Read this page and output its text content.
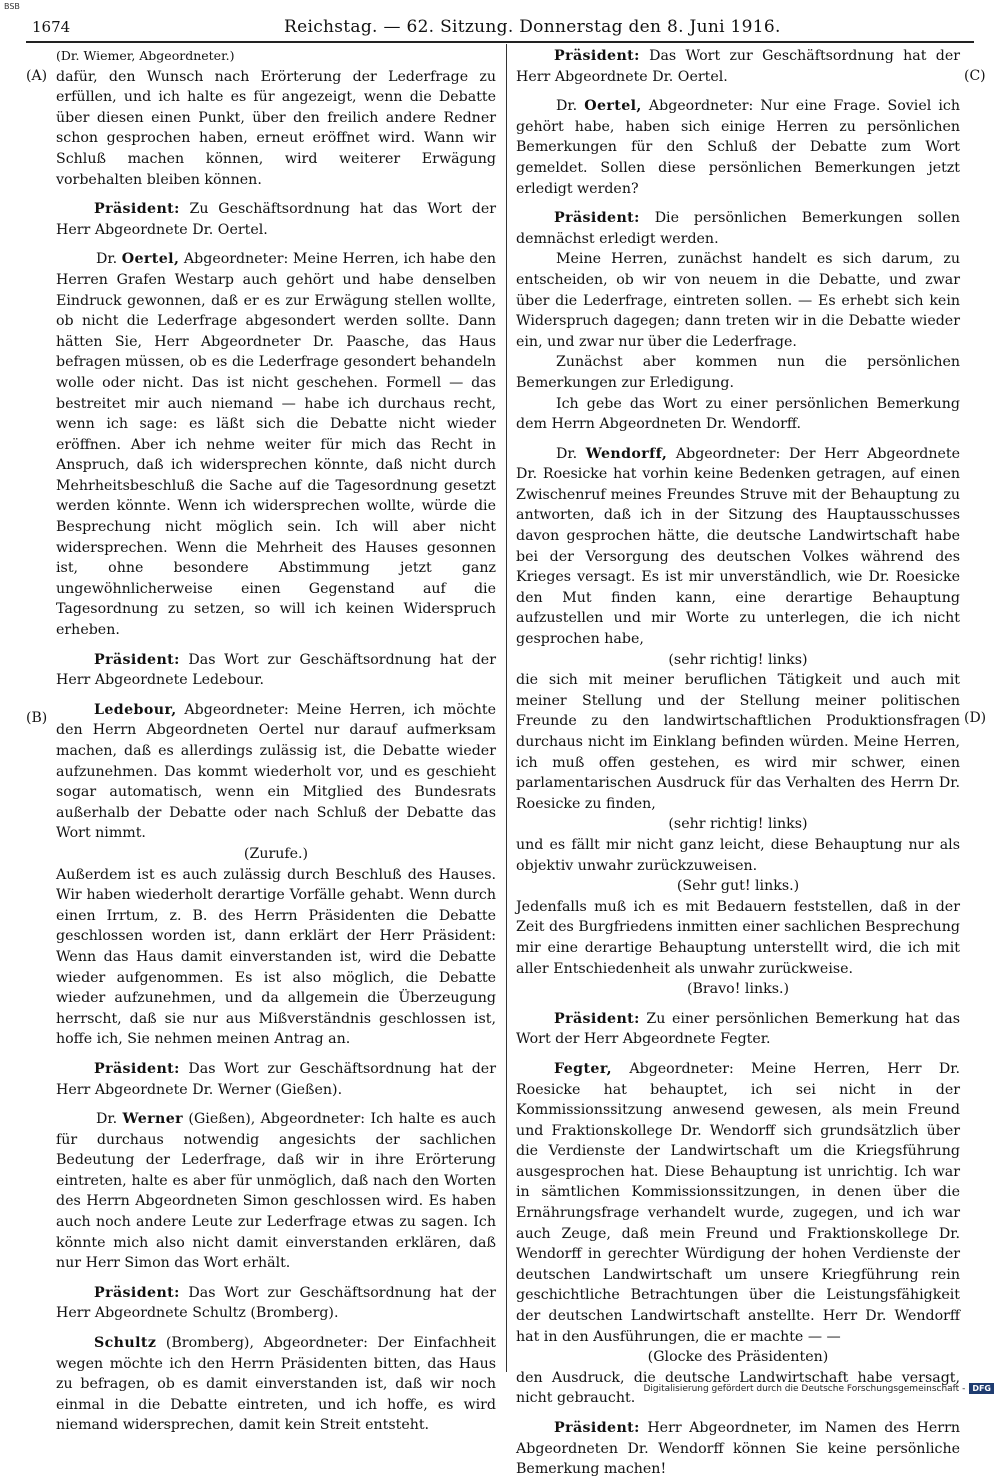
BSB
1674	Reichstag. — 62. Sitzung. Donnerstag den 8. Juni 1916.
(A)
(B)
(C)
(D)

(Dr. Wiemer, Abgeordneter.)

dafür, den Wunsch nach Erörterung der Lederfrage zu erfüllen, und ich halte es für angezeigt, wenn die Debatte über diesen einen Punkt, über den freilich andere Redner schon gesprochen haben, erneut eröffnet wird. Wann wir Schluß machen können, wird weiterer Erwägung vorbehalten bleiben können.

Präsident: Zu Geschäftsordnung hat das Wort der Herr Abgeordnete Dr. Oertel.

Dr. Oertel, Abgeordneter: Meine Herren, ich habe den Herren Grafen Westarp auch gehört und habe denselben Eindruck gewonnen, daß er es zur Erwägung stellen wollte, ob nicht die Lederfrage abgesondert werden sollte. Dann hätten Sie, Herr Abgeordneter Dr. Paasche, das Haus befragen müssen, ob es die Lederfrage gesondert behandeln wolle oder nicht. Das ist nicht geschehen. Formell — das bestreitet mir auch niemand — habe ich durchaus recht, wenn ich sage: es läßt sich die Debatte nicht wieder eröffnen. Aber ich nehme weiter für mich das Recht in Anspruch, daß ich widersprechen könnte, daß nicht durch Mehrheitsbeschluß die Sache auf die Tagesordnung gesetzt werden könnte. Wenn ich widersprechen wollte, würde die Besprechung nicht möglich sein. Ich will aber nicht widersprechen. Wenn die Mehrheit des Hauses gesonnen ist, ohne besondere Abstimmung jetzt ganz ungewöhnlicherweise einen Gegenstand auf die Tagesordnung zu setzen, so will ich keinen Widerspruch erheben.

Präsident: Das Wort zur Geschäftsordnung hat der Herr Abgeordnete Ledebour.

Ledebour, Abgeordneter: Meine Herren, ich möchte den Herrn Abgeordneten Oertel nur darauf aufmerksam machen, daß es allerdings zulässig ist, die Debatte wieder aufzunehmen. Das kommt wiederholt vor, und es geschieht sogar automatisch, wenn ein Mitglied des Bundesrats außerhalb der Debatte oder nach Schluß der Debatte das Wort nimmt.

(Zurufe.)

Außerdem ist es auch zulässig durch Beschluß des Hauses. Wir haben wiederholt derartige Vorfälle gehabt. Wenn durch einen Irrtum, z. B. des Herrn Präsidenten die Debatte geschlossen worden ist, dann erklärt der Herr Präsident: Wenn das Haus damit einverstanden ist, wird die Debatte wieder aufgenommen. Es ist also möglich, die Debatte wieder aufzunehmen, und da allgemein die Überzeugung herrscht, daß sie nur aus Mißverständnis geschlossen ist, hoffe ich, Sie nehmen meinen Antrag an.

Präsident: Das Wort zur Geschäftsordnung hat der Herr Abgeordnete Dr. Werner (Gießen).

Dr. Werner (Gießen), Abgeordneter: Ich halte es auch für durchaus notwendig angesichts der sachlichen Bedeutung der Lederfrage, daß wir in ihre Erörterung eintreten, halte es aber für unmöglich, daß nach den Worten des Herrn Abgeordneten Simon geschlossen wird. Es haben auch noch andere Leute zur Lederfrage etwas zu sagen. Ich könnte mich also nicht damit einverstanden erklären, daß nur Herr Simon das Wort erhält.

Präsident: Das Wort zur Geschäftsordnung hat der Herr Abgeordnete Schultz (Bromberg).

Schultz (Bromberg), Abgeordneter: Der Einfachheit wegen möchte ich den Herrn Präsidenten bitten, das Haus zu befragen, ob es damit einverstanden ist, daß wir noch einmal in die Debatte eintreten, und ich hoffe, es wird niemand widersprechen, damit kein Streit entsteht.

Präsident: Das Wort zur Geschäftsordnung hat der Herr Abgeordnete Dr. Oertel.

Dr. Oertel, Abgeordneter: Nur eine Frage. Soviel ich gehört habe, haben sich einige Herren zu persönlichen Bemerkungen für den Schluß der Debatte zum Wort gemeldet. Sollen diese persönlichen Bemerkungen jetzt erledigt werden?

Präsident: Die persönlichen Bemerkungen sollen demnächst erledigt werden.

Meine Herren, zunächst handelt es sich darum, zu entscheiden, ob wir von neuem in die Debatte, und zwar über die Lederfrage, eintreten sollen. — Es erhebt sich kein Widerspruch dagegen; dann treten wir in die Debatte wieder ein, und zwar nur über die Lederfrage.

Zunächst aber kommen nun die persönlichen Bemerkungen zur Erledigung.

Ich gebe das Wort zu einer persönlichen Bemerkung dem Herrn Abgeordneten Dr. Wendorff.

Dr. Wendorff, Abgeordneter: Der Herr Abgeordnete Dr. Roesicke hat vorhin keine Bedenken getragen, auf einen Zwischenruf meines Freundes Struve mit der Behauptung zu antworten, daß ich in der Sitzung des Hauptausschusses davon gesprochen hätte, die deutsche Landwirtschaft habe bei der Versorgung des deutschen Volkes während des Krieges versagt. Es ist mir unverständlich, wie Dr. Roesicke den Mut finden kann, eine derartige Behauptung aufzustellen und mir Worte zu unterlegen, die ich nicht gesprochen habe,

(sehr richtig! links)

die sich mit meiner beruflichen Tätigkeit und auch mit meiner Stellung und der Stellung meiner politischen Freunde zu den landwirtschaftlichen Produktionsfragen durchaus nicht im Einklang befinden würden. Meine Herren, ich muß offen gestehen, es wird mir schwer, einen parlamentarischen Ausdruck für das Verhalten des Herrn Dr. Roesicke zu finden,

(sehr richtig! links)

und es fällt mir nicht ganz leicht, diese Behauptung nur als objektiv unwahr zurückzuweisen.

(Sehr gut! links.)

Jedenfalls muß ich es mit Bedauern feststellen, daß in der Zeit des Burgfriedens inmitten einer sachlichen Besprechung mir eine derartige Behauptung unterstellt wird, die ich mit aller Entschiedenheit als unwahr zurückweise.

(Bravo! links.)

Präsident: Zu einer persönlichen Bemerkung hat das Wort der Herr Abgeordnete Fegter.

Fegter, Abgeordneter: Meine Herren, Herr Dr. Roesicke hat behauptet, ich sei nicht in der Kommissionssitzung anwesend gewesen, als mein Freund und Fraktionskollege Dr. Wendorff sich grundsätzlich über die Verdienste der Landwirtschaft um die Kriegsführung ausgesprochen hat. Diese Behauptung ist unrichtig. Ich war in sämtlichen Kommissionssitzungen, in denen über die Ernährungsfrage verhandelt wurde, zugegen, und ich war auch Zeuge, daß mein Freund und Fraktionskollege Dr. Wendorff in gerechter Würdigung der hohen Verdienste der deutschen Landwirtschaft um unsere Kriegführung rein geschichtliche Betrachtungen über die Leistungsfähigkeit der deutschen Landwirtschaft anstellte. Herr Dr. Wendorff hat in den Ausführungen, die er machte — —

(Glocke des Präsidenten)

den Ausdruck, die deutsche Landwirtschaft habe versagt, nicht gebraucht.

Präsident: Herr Abgeordneter, im Namen des Herrn Abgeordneten Dr. Wendorff können Sie keine persönliche Bemerkung machen!

Digitalisierung gefördert durch die Deutsche Forschungsgemeinschaft - DFG
